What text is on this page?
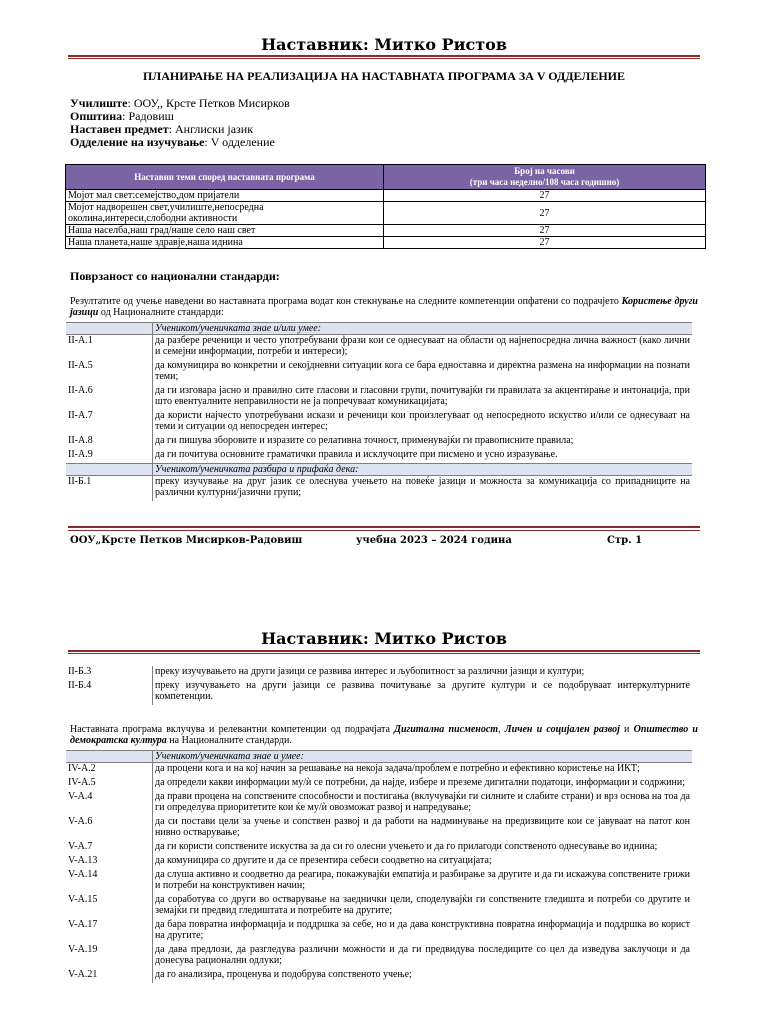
Наставник: Митко Ристов
ПЛАНИРАЊЕ НА РЕАЛИЗАЦИЈА НА НАСТАВНАТА ПРОГРАМА ЗА V ОДДЕЛЕНИЕ
Училиште: ООУ,, Крсте Петков Мисирков
Општина: Радовиш
Наставен предмет: Англиски јазик
Одделение на изучување: V одделение
Наставни теми според наставната програма	Број на часови
(три часа неделно/108 часа годишно)

Мојот мал свет:семејство,дом пријатели	27
Мојот надворешен свет,училиште,непосредна околина,интереси,слободни активности	27
Наша населба,наш град/наше село наш свет	27
Наша планета,наше здравје,наша иднина	27
Поврзаност со национални стандарди:
Резултатите од учење наведени во наставната програма водат кон стекнување на следните компетенции опфатени со подрачјето Користење други јазици од Националните стандарди:
	Ученикот/ученичката знае и/или умее:
II-A.1	да разбере реченици и често употребувани фрази кои се однесуваат на области од најнепосредна лична важност (како лични и семејни информации, потреби и интереси);
II-A.5	да комуницира во конкретни и секојдневни ситуации кога се бара едноставна и директна размена на информации на познати теми;
II-A.6	да ги изговара јасно и правилно сите гласови и гласовни групи, почитувајќи ги правилата за акцентирање и интонација, при што евентуалните неправилности не ја попречуваат комуникацијата;
II-A.7	да користи најчесто употребувани искази и реченици кои произлегуваат од непосредното искуство и/или се однесуваат на теми и ситуации од непосреден интерес;
II-A.8	да ги пишува зборовите и изразите со релативна точност, применувајќи ги правописните правила;
II-A.9	да ги почитува основните граматички правила и исклучоците при писмено и усно изразување.
	Ученикот/ученичката разбира и прифаќа дека:
II-Б.1	преку изучување на друг јазик се олеснува учењето на повеќе јазици и можноста за комуникација со припадниците на различни културни/јазични групи;
ООУ„Крсте Петков Мисирков-Радовиш	учебна 2023 – 2024 година	Стр. 1
Наставник: Митко Ристов
II-Б.3	преку изучувањето на други јазици се развива интерес и љубопитност за различни јазици и култури;
II-Б.4	преку изучувањето на други јазици се развива почитување за другите култури и се подобруваат интеркултурните компетенции.
Наставната програма вклучува и релевантни компетенции од подрачјата Дигитална писменост, Личен и социјален развој и Општество и демократска култура на Националните стандарди.
	Ученикот/ученичката знае и умее:
IV-A.2	да процени кога и на кој начин за решавање на некоја задача/проблем е потребно и ефективно користење на ИКТ;
IV-A.5	да определи какви информации му/ѝ се потребни, да најде, избере и преземе дигитални податоци, информации и содржини;
V-A.4	да прави процена на сопствените способности и постигања (вклучувајќи ги силните и слабите страни) и врз основа на тоа да ги определува приоритетите кои ќе му/ѝ овозможат развој и напредување;
V-A.6	да си постави цели за учење и сопствен развој и да работи на надминување на предизвиците кои се јавуваат на патот кон нивно остварување;
V-A.7	да ги користи сопствените искуства за да си го олесни учењето и да го прилагоди сопственото однесување во иднина;
V-A.13	да комуницира со другите и да се презентира себеси соодветно на ситуацијата;
V-A.14	да слуша активно и соодветно да реагира, покажувајќи емпатија и разбирање за другите и да ги искажува сопствените грижи и потреби на конструктивен начин;
V-A.15	да соработува со други во остварување на заеднички цели, споделувајќи ги сопствените гледишта и потреби со другите и земајќи ги предвид гледиштата и потребите на другите;
V-A.17	да бара повратна информација и поддршка за себе, но и да дава конструктивна повратна информација и поддршка во корист на другите;
V-A.19	да дава предлози, да разгледува различни можности и да ги предвидува последиците со цел да изведува заклучоци и да донесува рационални одлуки;
V-A.21	да го анализира, проценува и подобрува сопственото учење;
